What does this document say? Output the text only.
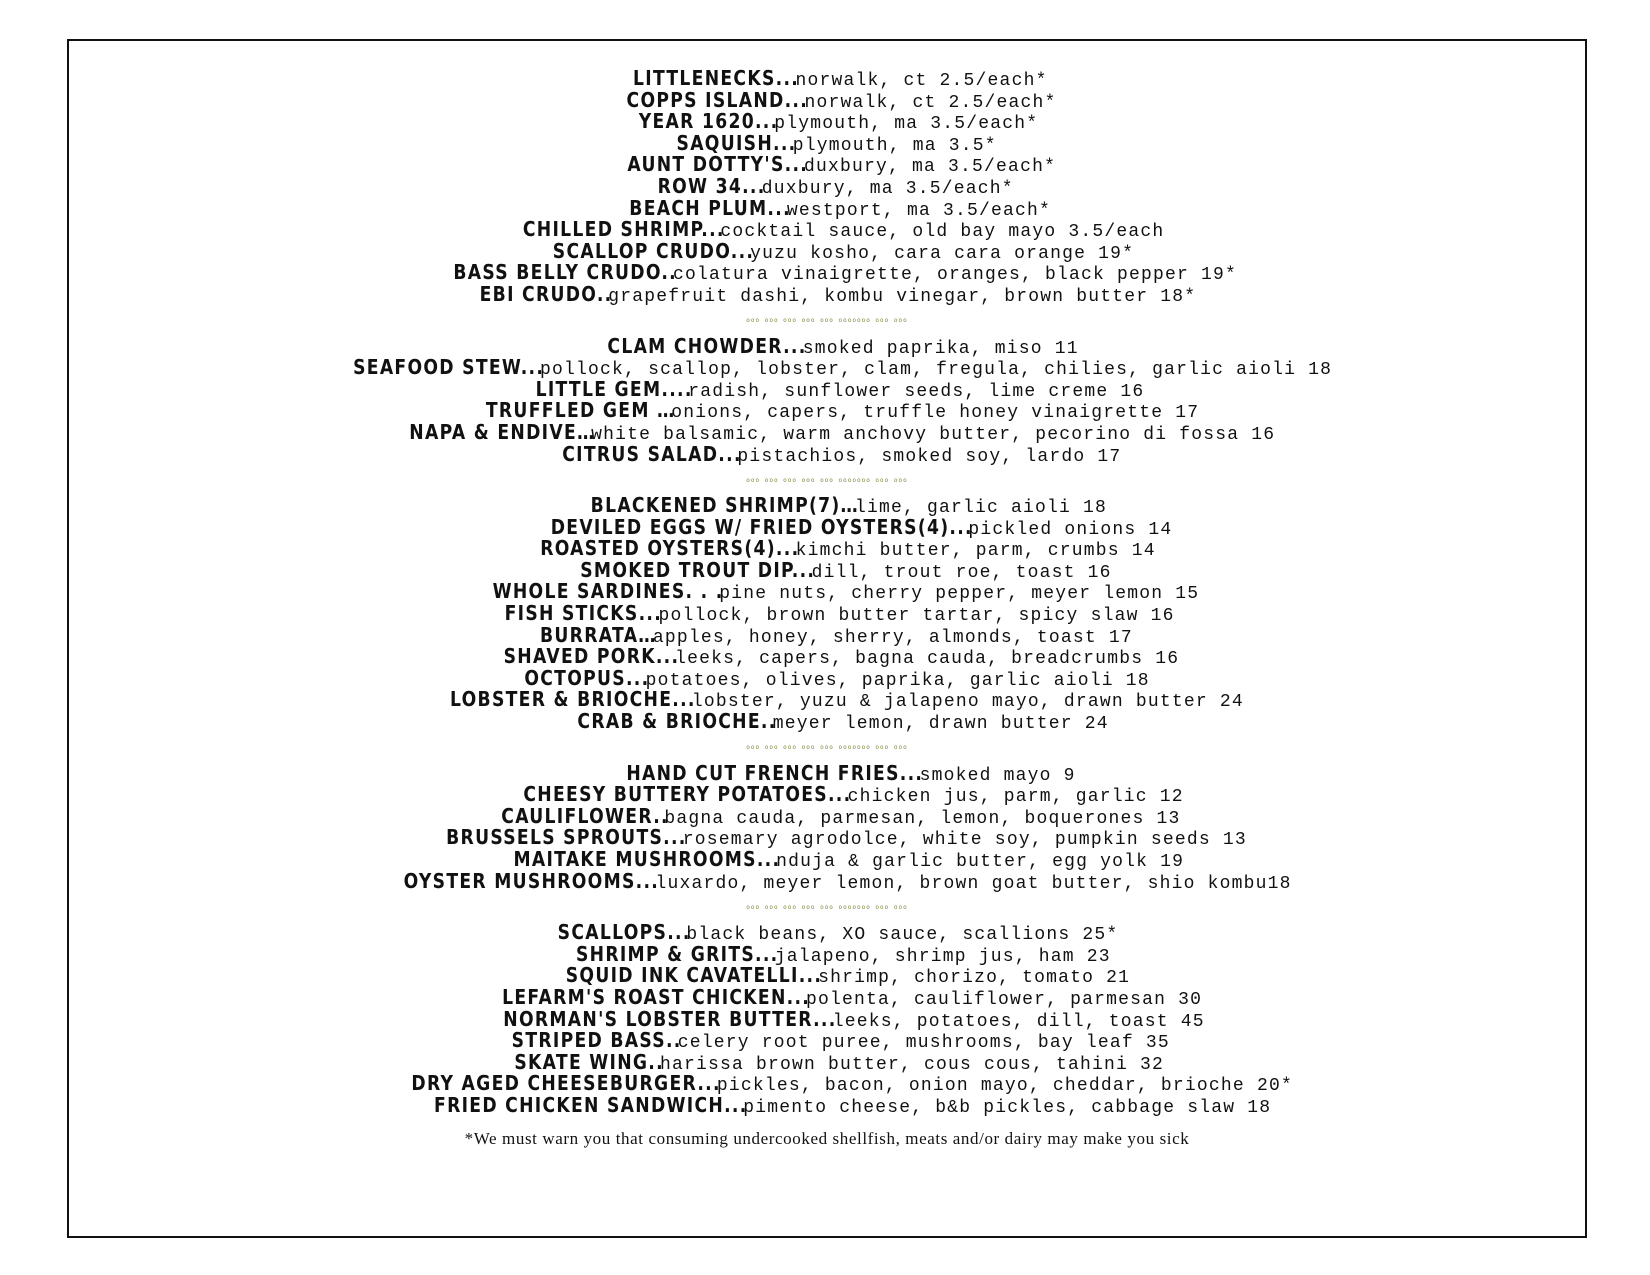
LITTLENECKS... norwalk, ct 2.5/each*
COPPS ISLAND... norwalk, ct 2.5/each*
YEAR 1620... plymouth, ma 3.5/each*
SAQUISH... plymouth, ma 3.5*
AUNT DOTTY'S... duxbury, ma 3.5/each*
ROW 34... duxbury, ma 3.5/each*
BEACH PLUM... westport, ma 3.5/each*
CHILLED SHRIMP... cocktail sauce, old bay mayo 3.5/each
SCALLOP CRUDO... yuzu kosho, cara cara orange 19*
BASS BELLY CRUDO.. colatura vinaigrette, oranges, black pepper 19*
EBI CRUDO.. grapefruit dashi, kombu vinegar, brown butter 18*
ooo ooo ooo ooo ooo ooooooo ooo ooo
CLAM CHOWDER... smoked paprika, miso 11
SEAFOOD STEW... pollock, scallop, lobster, clam, fregula, chilies, garlic aioli 18
LITTLE GEM.... radish, sunflower seeds, lime creme 16
TRUFFLED GEM … onions, capers, truffle honey vinaigrette 17
NAPA & ENDIVE… white balsamic, warm anchovy butter, pecorino di fossa 16
CITRUS SALAD... pistachios, smoked soy, lardo 17
ooo ooo ooo ooo ooo ooooooo ooo ooo
BLACKENED SHRIMP(7)… lime, garlic aioli 18
DEVILED EGGS W/ FRIED OYSTERS(4)... pickled onions 14
ROASTED OYSTERS(4)... kimchi butter, parm, crumbs 14
SMOKED TROUT DIP... dill, trout roe, toast 16
WHOLE SARDINES. . . pine nuts, cherry pepper, meyer lemon 15
FISH STICKS... pollock, brown butter tartar, spicy slaw 16
BURRATA… apples, honey, sherry, almonds, toast 17
SHAVED PORK... leeks, capers, bagna cauda, breadcrumbs 16
OCTOPUS... potatoes, olives, paprika, garlic aioli 18
LOBSTER & BRIOCHE... lobster, yuzu & jalapeno mayo, drawn butter 24
CRAB & BRIOCHE.. meyer lemon, drawn butter 24
ooo ooo ooo ooo ooo ooooooo ooo ooo
HAND CUT FRENCH FRIES... smoked mayo 9
CHEESY BUTTERY POTATOES... chicken jus, parm, garlic 12
CAULIFLOWER.. bagna cauda, parmesan, lemon, boquerones 13
BRUSSELS SPROUTS... rosemary agrodolce, white soy, pumpkin seeds 13
MAITAKE MUSHROOMS... nduja & garlic butter, egg yolk 19
OYSTER MUSHROOMS... luxardo, meyer lemon, brown goat butter, shio kombu18
ooo ooo ooo ooo ooo ooooooo ooo ooo
SCALLOPS... black beans, XO sauce, scallions 25*
SHRIMP & GRITS... jalapeno, shrimp jus, ham 23
SQUID INK CAVATELLI... shrimp, chorizo, tomato 21
LEFARM'S ROAST CHICKEN... polenta, cauliflower, parmesan 30
NORMAN'S LOBSTER BUTTER... leeks, potatoes, dill, toast 45
STRIPED BASS.. celery root puree, mushrooms, bay leaf 35
SKATE WING.. harissa brown butter, cous cous, tahini 32
DRY AGED CHEESEBURGER... pickles, bacon, onion mayo, cheddar, brioche 20*
FRIED CHICKEN SANDWICH... pimento cheese, b&b pickles, cabbage slaw 18
*We must warn you that consuming undercooked shellfish, meats and/or dairy may make you sick
